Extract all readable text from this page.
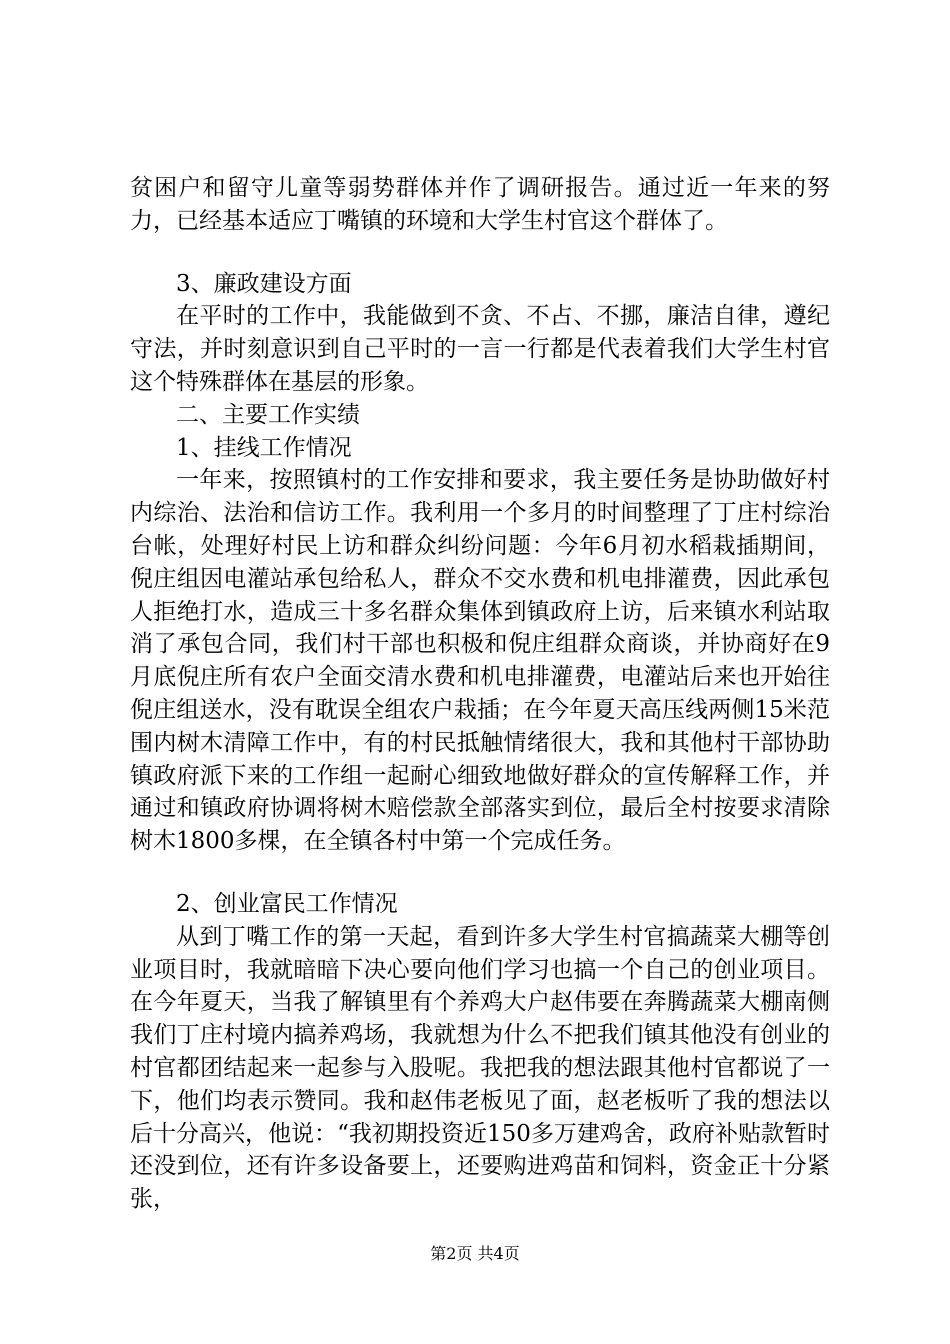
贫困户和留守儿童等弱势群体并作了调研报告。通过近一年来的努力，已经基本适应丁嘴镇的环境和大学生村官这个群体了。

3、廉政建设方面

在平时的工作中，我能做到不贪、不占、不挪，廉洁自律，遵纪守法，并时刻意识到自己平时的一言一行都是代表着我们大学生村官这个特殊群体在基层的形象。

二、主要工作实绩

1、挂线工作情况

一年来，按照镇村的工作安排和要求，我主要任务是协助做好村内综治、法治和信访工作。我利用一个多月的时间整理了丁庄村综治台帐，处理好村民上访和群众纠纷问题：今年6月初水稻栽插期间，倪庄组因电灌站承包给私人，群众不交水费和机电排灌费，因此承包人拒绝打水，造成三十多名群众集体到镇政府上访，后来镇水利站取消了承包合同，我们村干部也积极和倪庄组群众商谈，并协商好在9月底倪庄所有农户全面交清水费和机电排灌费，电灌站后来也开始往倪庄组送水，没有耽误全组农户栽插；在今年夏天高压线两侧15米范围内树木清障工作中，有的村民抵触情绪很大，我和其他村干部协助镇政府派下来的工作组一起耐心细致地做好群众的宣传解释工作，并通过和镇政府协调将树木赔偿款全部落实到位，最后全村按要求清除树木1800多棵，在全镇各村中第一个完成任务。

2、创业富民工作情况

从到丁嘴工作的第一天起，看到许多大学生村官搞蔬菜大棚等创业项目时，我就暗暗下决心要向他们学习也搞一个自己的创业项目。在今年夏天，当我了解镇里有个养鸡大户赵伟要在奔腾蔬菜大棚南侧我们丁庄村境内搞养鸡场，我就想为什么不把我们镇其他没有创业的村官都团结起来一起参与入股呢。我把我的想法跟其他村官都说了一下，他们均表示赞同。我和赵伟老板见了面，赵老板听了我的想法以后十分高兴，他说：“我初期投资近150多万建鸡舍，政府补贴款暂时还没到位，还有许多设备要上，还要购进鸡苗和饲料，资金正十分紧张，

第2页 共4页
